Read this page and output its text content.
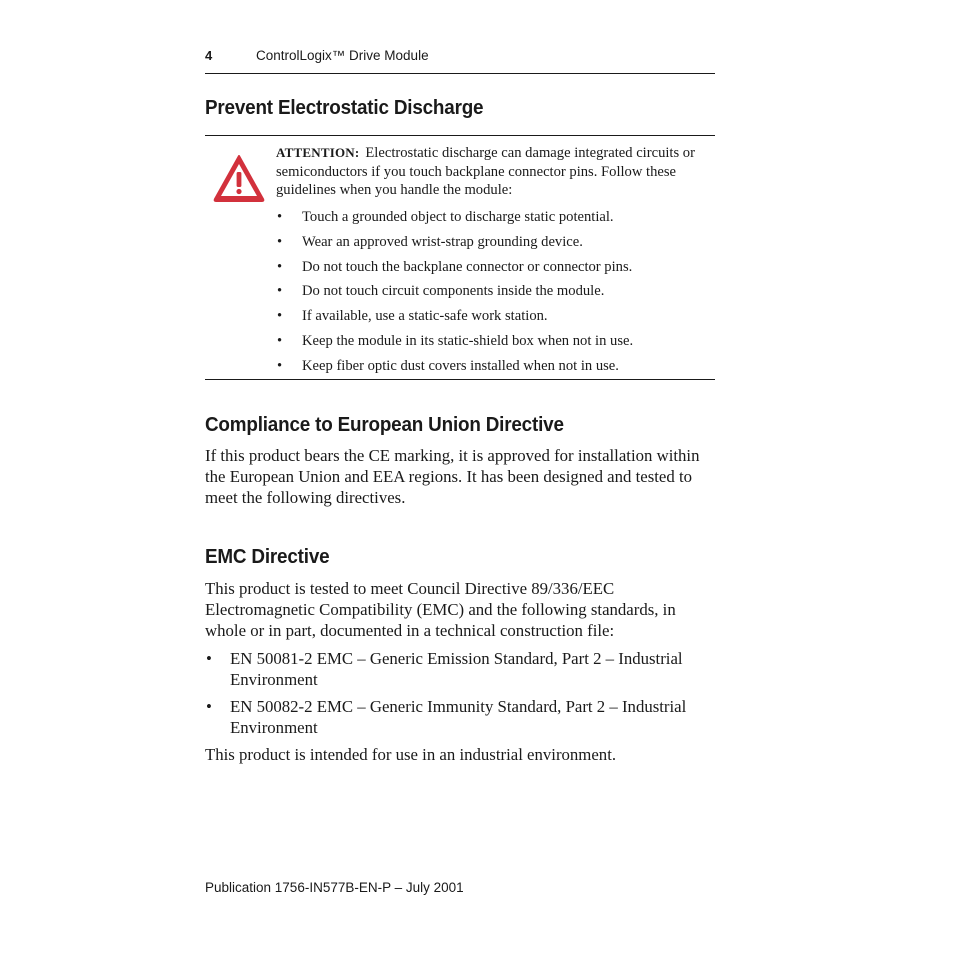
4	ControlLogix™ Drive Module
Prevent Electrostatic Discharge
ATTENTION: Electrostatic discharge can damage integrated circuits or semiconductors if you touch backplane connector pins. Follow these guidelines when you handle the module:
• Touch a grounded object to discharge static potential.
• Wear an approved wrist-strap grounding device.
• Do not touch the backplane connector or connector pins.
• Do not touch circuit components inside the module.
• If available, use a static-safe work station.
• Keep the module in its static-shield box when not in use.
• Keep fiber optic dust covers installed when not in use.
Compliance to European Union Directive
If this product bears the CE marking, it is approved for installation within the European Union and EEA regions. It has been designed and tested to meet the following directives.
EMC Directive
This product is tested to meet Council Directive 89/336/EEC Electromagnetic Compatibility (EMC) and the following standards, in whole or in part, documented in a technical construction file:
• EN 50081-2 EMC – Generic Emission Standard, Part 2 – Industrial Environment
• EN 50082-2 EMC – Generic Immunity Standard, Part 2 – Industrial Environment
This product is intended for use in an industrial environment.
Publication 1756-IN577B-EN-P – July 2001
